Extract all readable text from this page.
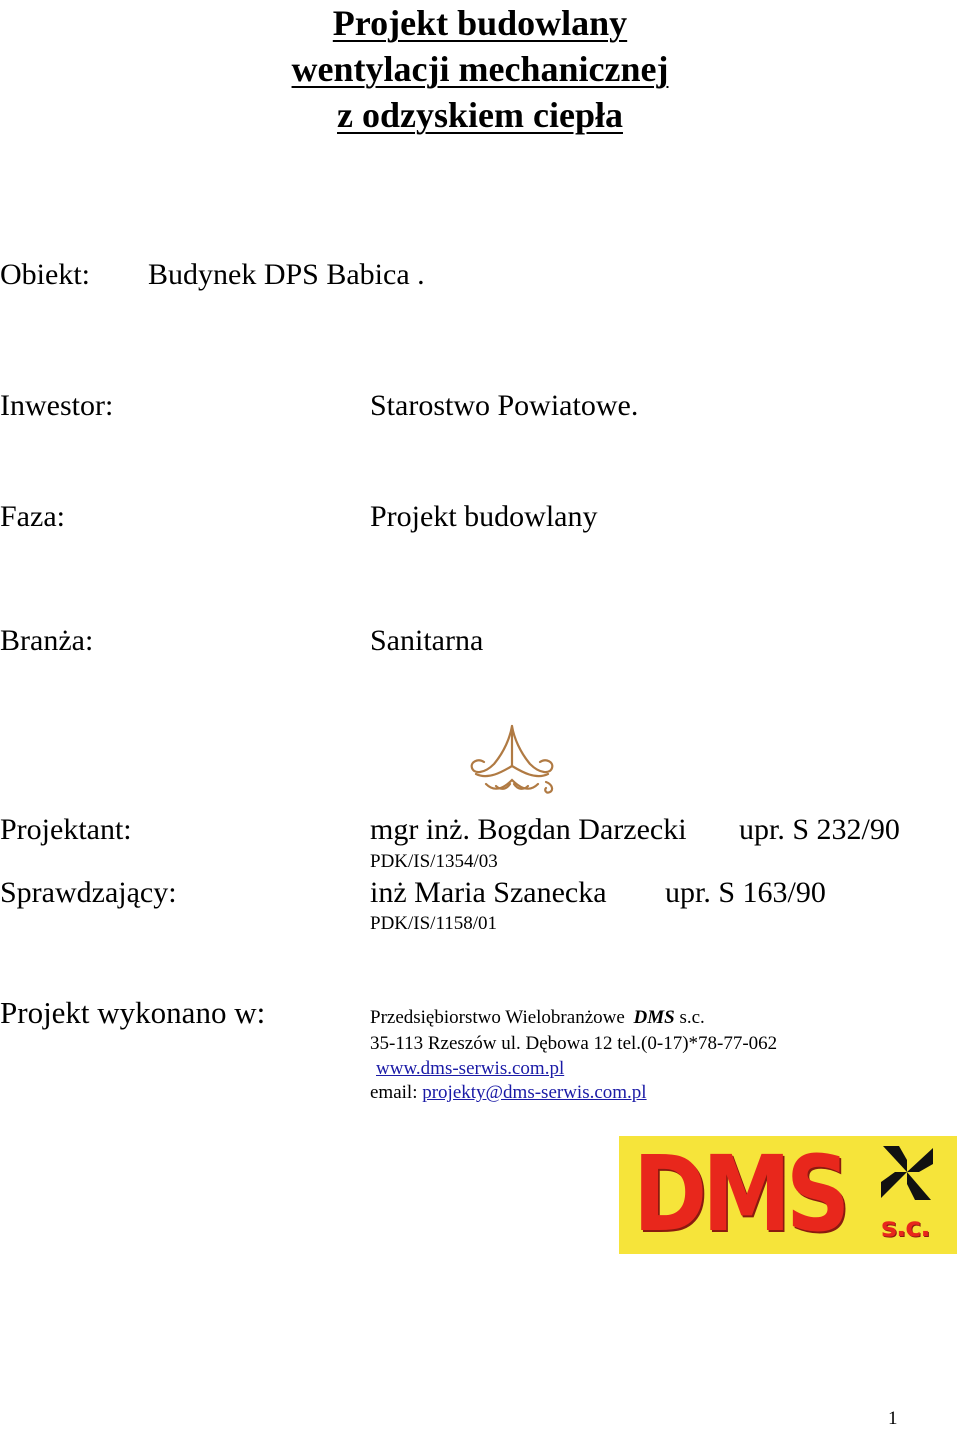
Projekt budowlany
wentylacji mechanicznej
z odzyskiem ciepła
Obiekt: Budynek DPS Babica .
Inwestor:	Starostwo Powiatowe.
Faza:	Projekt budowlany
Branża:	Sanitarna
Projektant:	mgr inż. Bogdan Darzecki upr. S 232/90
PDK/IS/1354/03
Sprawdzający:	inż Maria Szanecka upr. S 163/90
PDK/IS/1158/01
Projekt wykonano w:	Przedsiębiorstwo Wielobranżowe DMS s.c.
35-113 Rzeszów ul. Dębowa 12 tel.(0-17)*78-77-062
www.dms-serwis.com.pl
email: projekty@dms-serwis.com.pl
DMS s.c.
1
